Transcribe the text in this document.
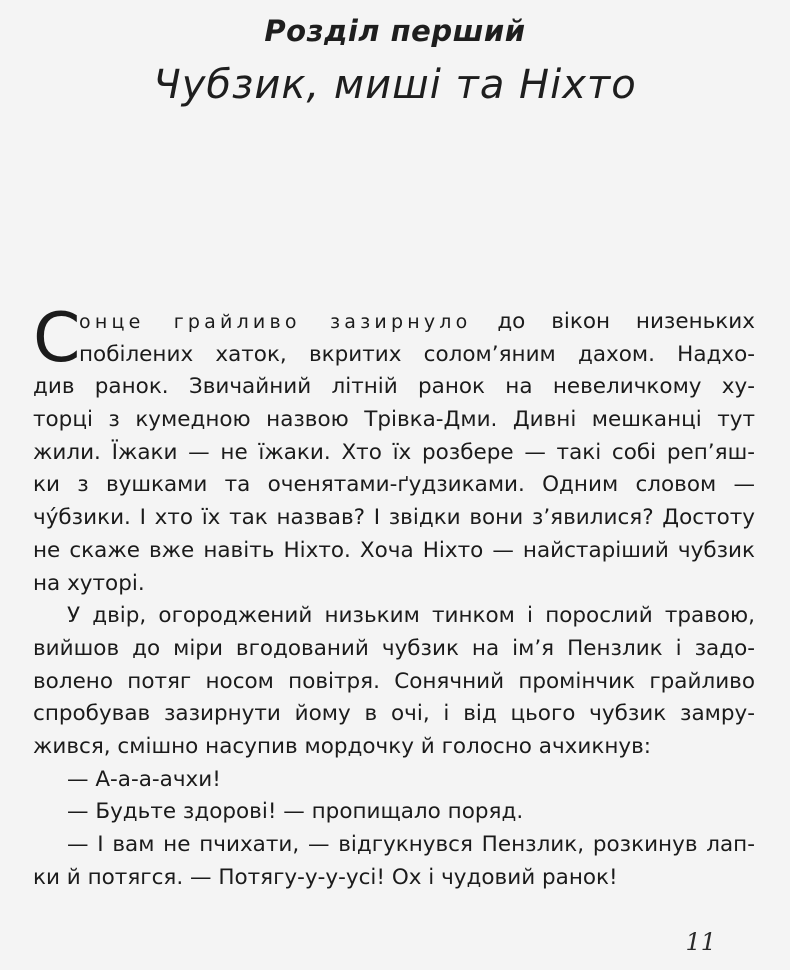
Розділ перший
Чубзик, миші та Ніхто
С
онце грайливо зазирнуло до вікон низеньких
побілених хаток, вкритих солом’яним дахом. Надхо-
див ранок. Звичайний літній ранок на невеличкому ху-
торці з кумедною назвою Трівка-Дми. Дивні мешканці тут
жили. Їжаки — не їжаки. Хто їх розбере — такі собі реп’яш-
ки з вушками та оченятами-ґудзиками. Одним словом —
чу́бзики. І хто їх так назвав? І звідки вони з’явилися? Достоту
не скаже вже навіть Ніхто. Хоча Ніхто — найстаріший чубзик
на хуторі.
У двір, огороджений низьким тинком і порослий травою,
вийшов до міри вгодований чубзик на ім’я Пензлик і задо-
волено потяг носом повітря. Сонячний промінчик грайливо
спробував зазирнути йому в очі, і від цього чубзик замру-
жився, смішно насупив мордочку й голосно ачхикнув:
— А-а-а-ачхи!
— Будьте здорові! — пропищало поряд.
— І вам не пчихати, — відгукнувся Пензлик, розкинув лап-
ки й потягся. — Потягу-у-у-усі! Ох і чудовий ранок!
11
